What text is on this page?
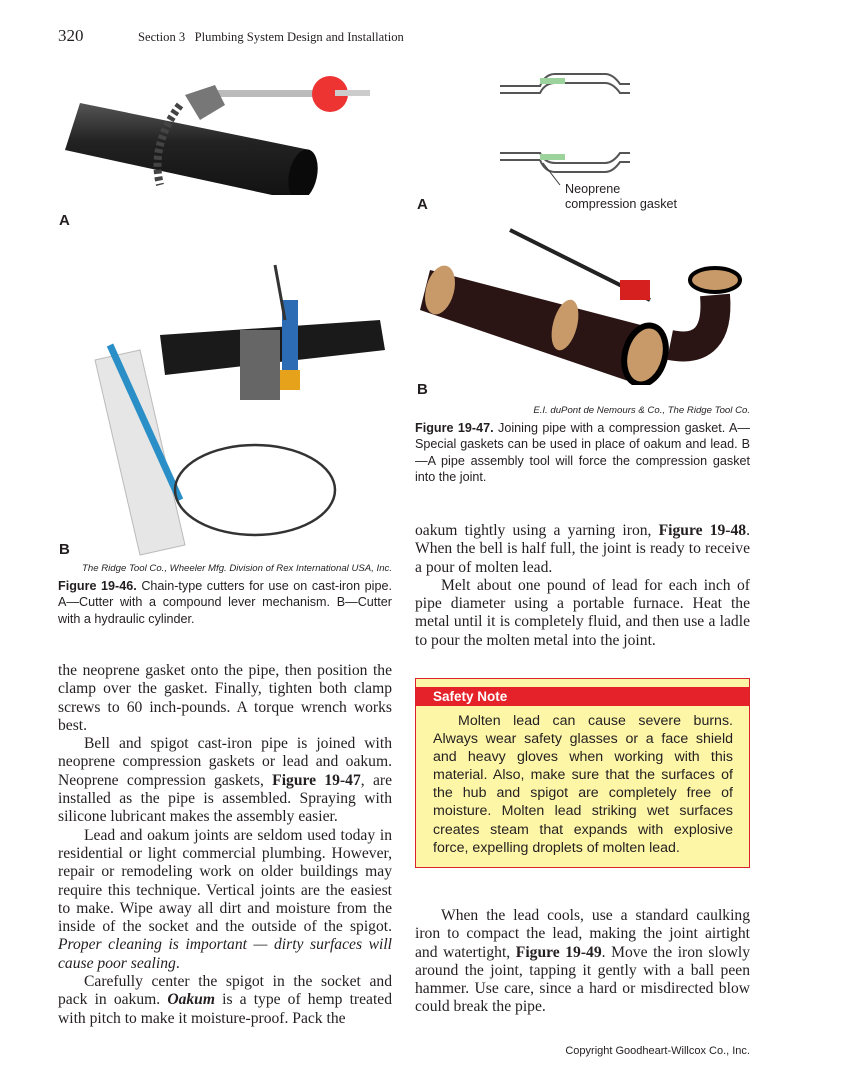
320	Section 3   Plumbing System Design and Installation
A
B
The Ridge Tool Co., Wheeler Mfg. Division of Rex International USA, Inc.
Figure 19-46. Chain-type cutters for use on cast-iron pipe. A—Cutter with a compound lever mechanism. B—Cutter with a hydraulic cylinder.
Neoprene
compression gasket
A
B
E.I. duPont de Nemours & Co., The Ridge Tool Co.
Figure 19-47. Joining pipe with a compression gasket. A—Special gaskets can be used in place of oakum and lead. B—A pipe assembly tool will force the compression gasket into the joint.

the neoprene gasket onto the pipe, then position the clamp over the gasket. Finally, tighten both clamp screws to 60 inch-pounds. A torque wrench works best.

Bell and spigot cast-iron pipe is joined with neoprene compression gaskets or lead and oakum. Neoprene compression gaskets, Figure 19-47, are installed as the pipe is assembled. Spraying with silicone lubricant makes the assembly easier.

Lead and oakum joints are seldom used today in residential or light commercial plumbing. However, repair or remodeling work on older buildings may require this technique. Vertical joints are the easiest to make. Wipe away all dirt and moisture from the inside of the socket and the outside of the spigot. Proper cleaning is important — dirty surfaces will cause poor sealing.

Carefully center the spigot in the socket and pack in oakum. Oakum is a type of hemp treated with pitch to make it moisture-proof. Pack the

oakum tightly using a yarning iron, Figure 19-48. When the bell is half full, the joint is ready to receive a pour of molten lead.

Melt about one pound of lead for each inch of pipe diameter using a portable furnace. Heat the metal until it is completely fluid, and then use a ladle to pour the molten metal into the joint.

Safety Note
Molten lead can cause severe burns. Always wear safety glasses or a face shield and heavy gloves when working with this material. Also, make sure that the surfaces of the hub and spigot are completely free of moisture. Molten lead striking wet surfaces creates steam that expands with explosive force, expelling droplets of molten lead.

When the lead cools, use a standard caulking iron to compact the lead, making the joint airtight and watertight, Figure 19-49. Move the iron slowly around the joint, tapping it gently with a ball peen hammer. Use care, since a hard or misdirected blow could break the pipe.

Copyright Goodheart-Willcox Co., Inc.
